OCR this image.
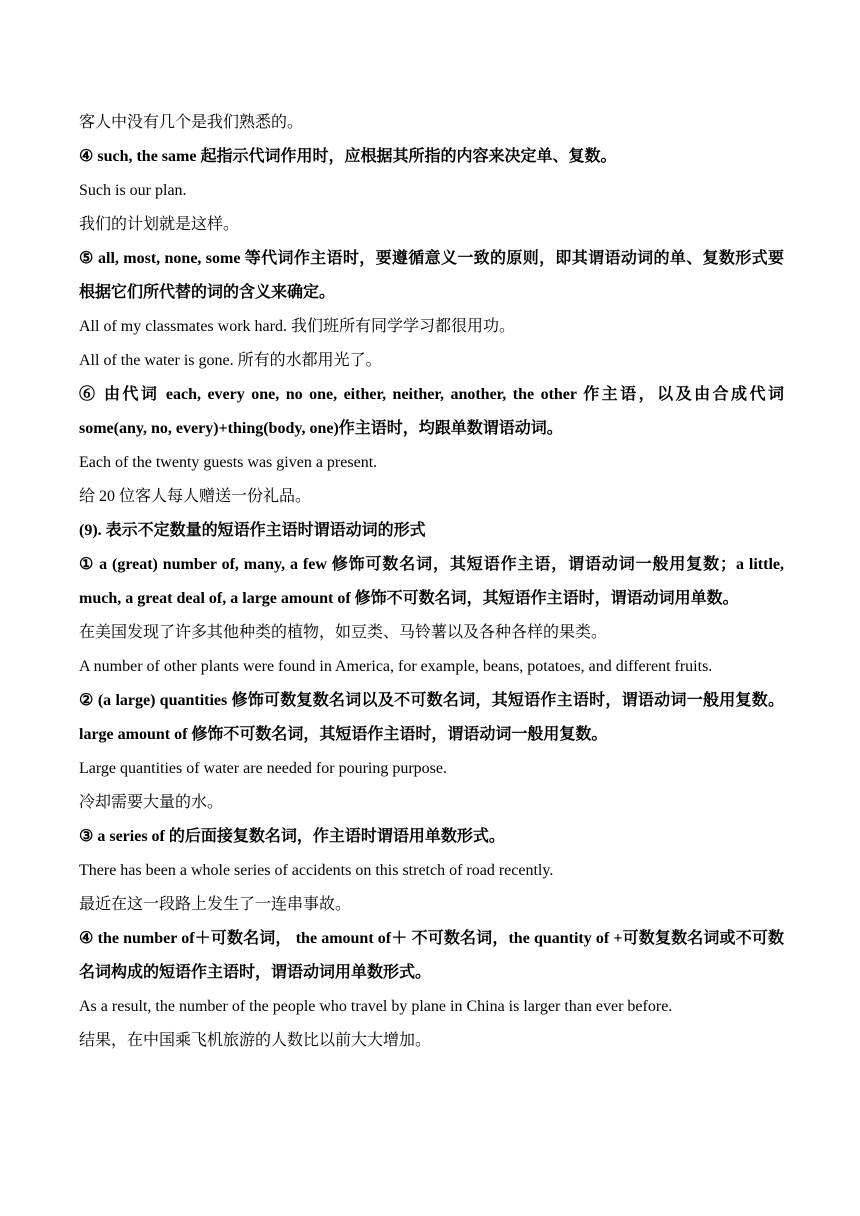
客人中没有几个是我们熟悉的。
④ such, the same 起指示代词作用时，应根据其所指的内容来决定单、复数。
Such is our plan.
我们的计划就是这样。
⑤ all, most, none, some 等代词作主语时，要遵循意义一致的原则，即其谓语动词的单、复数形式要根据它们所代替的词的含义来确定。
All of my classmates work hard. 我们班所有同学学习都很用功。
All of the water is gone. 所有的水都用光了。
⑥ 由代词 each, every one, no one, either, neither, another, the other 作主语，以及由合成代词 some(any, no, every)+thing(body, one)作主语时，均跟单数谓语动词。
Each of the twenty guests was given a present.
给 20 位客人每人赠送一份礼品。
(9). 表示不定数量的短语作主语时谓语动词的形式
① a (great) number of, many, a few 修饰可数名词，其短语作主语，谓语动词一般用复数；a little, much, a great deal of, a large amount of 修饰不可数名词，其短语作主语时，谓语动词用单数。
在美国发现了许多其他种类的植物，如豆类、马铃薯以及各种各样的果类。
A number of other plants were found in America, for example, beans, potatoes, and different fruits.
② (a large) quantities 修饰可数复数名词以及不可数名词，其短语作主语时，谓语动词一般用复数。large amount of 修饰不可数名词，其短语作主语时，谓语动词一般用复数。
Large quantities of water are needed for pouring purpose.
冷却需要大量的水。
③ a series of 的后面接复数名词，作主语时谓语用单数形式。
There has been a whole series of accidents on this stretch of road recently.
最近在这一段路上发生了一连串事故。
④ the number of＋可数名词， the amount of＋ 不可数名词，the quantity of +可数复数名词或不可数名词构成的短语作主语时，谓语动词用单数形式。
As a result, the number of the people who travel by plane in China is larger than ever before.
结果，在中国乘飞机旅游的人数比以前大大增加。
